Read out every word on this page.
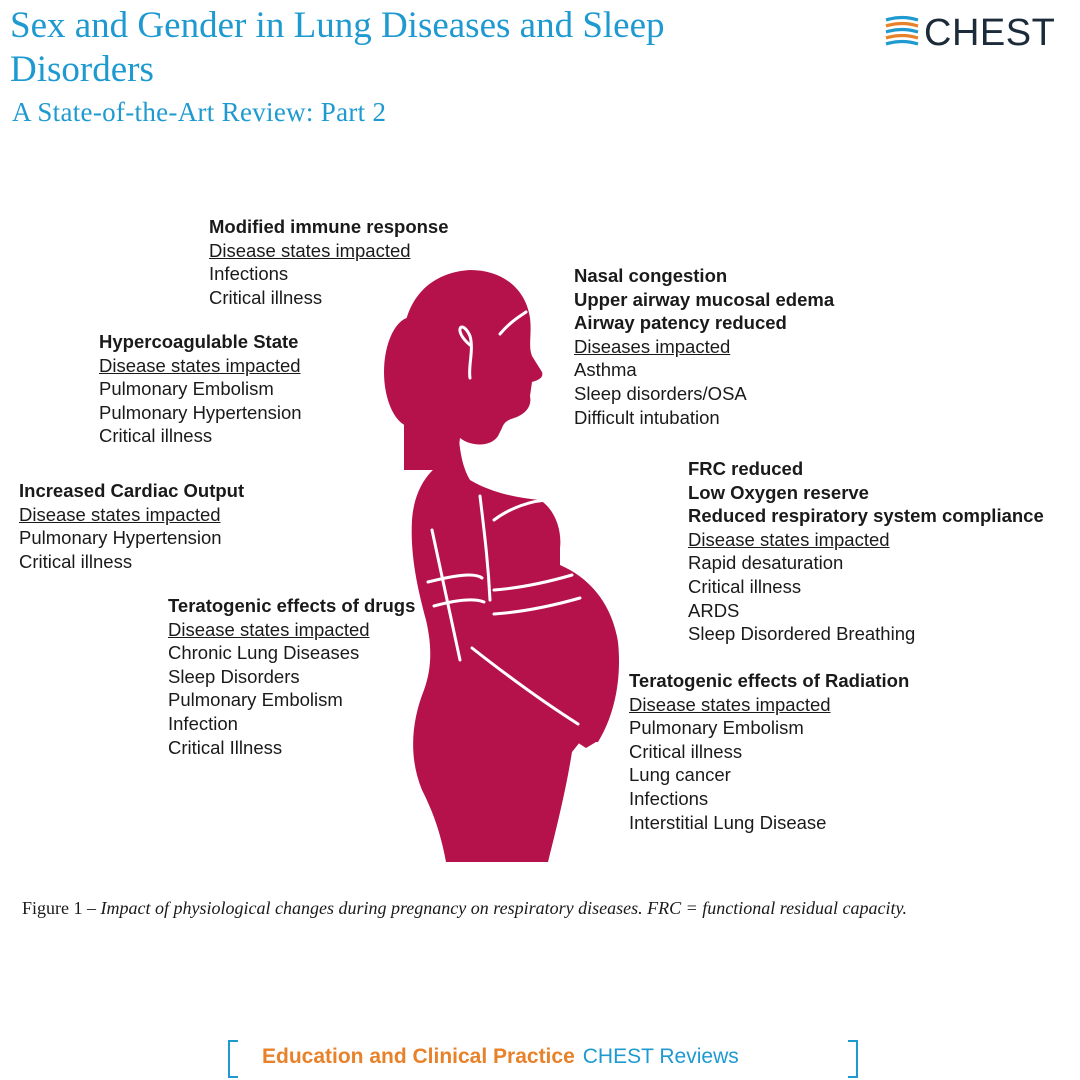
Sex and Gender in Lung Diseases and Sleep Disorders
A State-of-the-Art Review: Part 2
CHEST
Modified immune response
Disease states impacted
Infections
Critical illness
Hypercoagulable State
Disease states impacted
Pulmonary Embolism
Pulmonary Hypertension
Critical illness
Increased Cardiac Output
Disease states impacted
Pulmonary Hypertension
Critical illness
Teratogenic effects of drugs
Disease states impacted
Chronic Lung Diseases
Sleep Disorders
Pulmonary Embolism
Infection
Critical Illness
Nasal congestion
Upper airway mucosal edema
Airway patency reduced
Diseases impacted
Asthma
Sleep disorders/OSA
Difficult intubation
FRC reduced
Low Oxygen reserve
Reduced respiratory system compliance
Disease states impacted
Rapid desaturation
Critical illness
ARDS
Sleep Disordered Breathing
Teratogenic effects of Radiation
Disease states impacted
Pulmonary Embolism
Critical illness
Lung cancer
Infections
Interstitial Lung Disease

Figure 1 – Impact of physiological changes during pregnancy on respiratory diseases. FRC = functional residual capacity.

Education and Clinical Practice CHEST Reviews
